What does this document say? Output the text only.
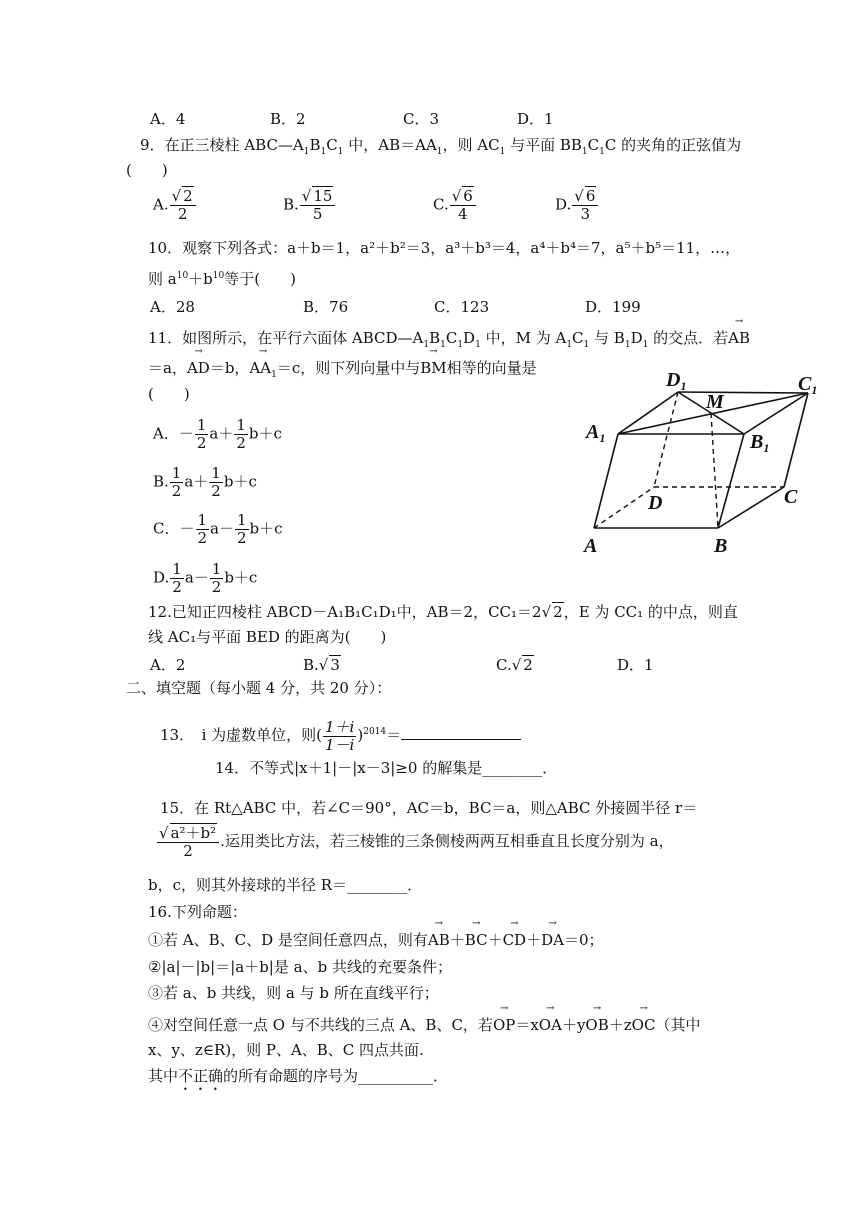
A．4	B．2	C．3	D．1
9．在正三棱柱 $ABC—A_1B_1C_1$ 中，$AB=AA_1$，则 $AC_1$ 与平面 $BB_1C_1C$ 的夹角的正弦值为
(　　)
A. $\frac{√ 2}{2}$	B. $\frac{√ 15}{5}$	C. $\frac{√ 6}{4}$	D. $\frac{√ 6}{3}$
10．观察下列各式：a＋b＝1，a²＋b²＝3，a³＋b³＝4，a⁴＋b⁴＝7，a⁵＋b⁵＝11，…，
则 $a^{10}+b^{10}$等于(　　)
A．28	B．76	C．123	D．199
11．如图所示，在平行六面体 $ABCD—A_1B_1C_1D_1$ 中，M 为 $A_1C_1$ 与 $B_1D_1$ 的交点．若→ AB
＝a，→ AD＝b，→ $AA_1=c$，则下列向量中与→ BM相等的向量是
(　　)
A．－ $\frac{1}{2} a+ \frac{1}{2} b+c$
B. $\frac{1}{2} a+ \frac{1}{2} b+c$
C．－ $\frac{1}{2} a- \frac{1}{2} b+c$
D. $\frac{1}{2} a- \frac{1}{2} b+c$
$D_1$
M
$C_1$
$A_1$	$B_1$
D	C
A	B
12.已知正四棱柱 ABCD－A₁B₁C₁D₁中，AB＝2，CC₁＝2√ 2，E 为 CC₁ 的中点，则直
线 AC₁与平面 BED 的距离为(　　)
A．2	B.√ 3	C.√ 2	D．1
二、填空题（每小题 4 分，共 20 分）：
13．　i 为虚数单位，则( $\frac{1+i}{1-i} )^{2014}=$
14．不等式|x＋1|－|x－3|≥0 的解集是________．
15．在 Rt△ABC 中，若∠C＝90°，AC＝b，BC＝a，则△ABC 外接圆半径 r＝
$\frac{\text{√ a²＋b²}}{2}$ .运用类比方法，若三棱锥的三条侧棱两两互相垂直且长度分别为 a，
b，c，则其外接球的半径 R＝________．
16.下列命题：
①若 A、B、C、D 是空间任意四点，则有→ AB＋→ BC＋→ CD＋→ DA＝0；
②|a|－|b|＝|a＋b|是 a、b 共线的充要条件；
③若 a、b 共线，则 a 与 b 所在直线平行；
④对空间任意一点 O 与不共线的三点 A、B、C，若→ OP＝x→ OA＋y→ OB＋z→ OC（其中
x、y、z∈R)，则 P、A、B、C 四点共面.
其中不正确的所有命题的序号为__________．
